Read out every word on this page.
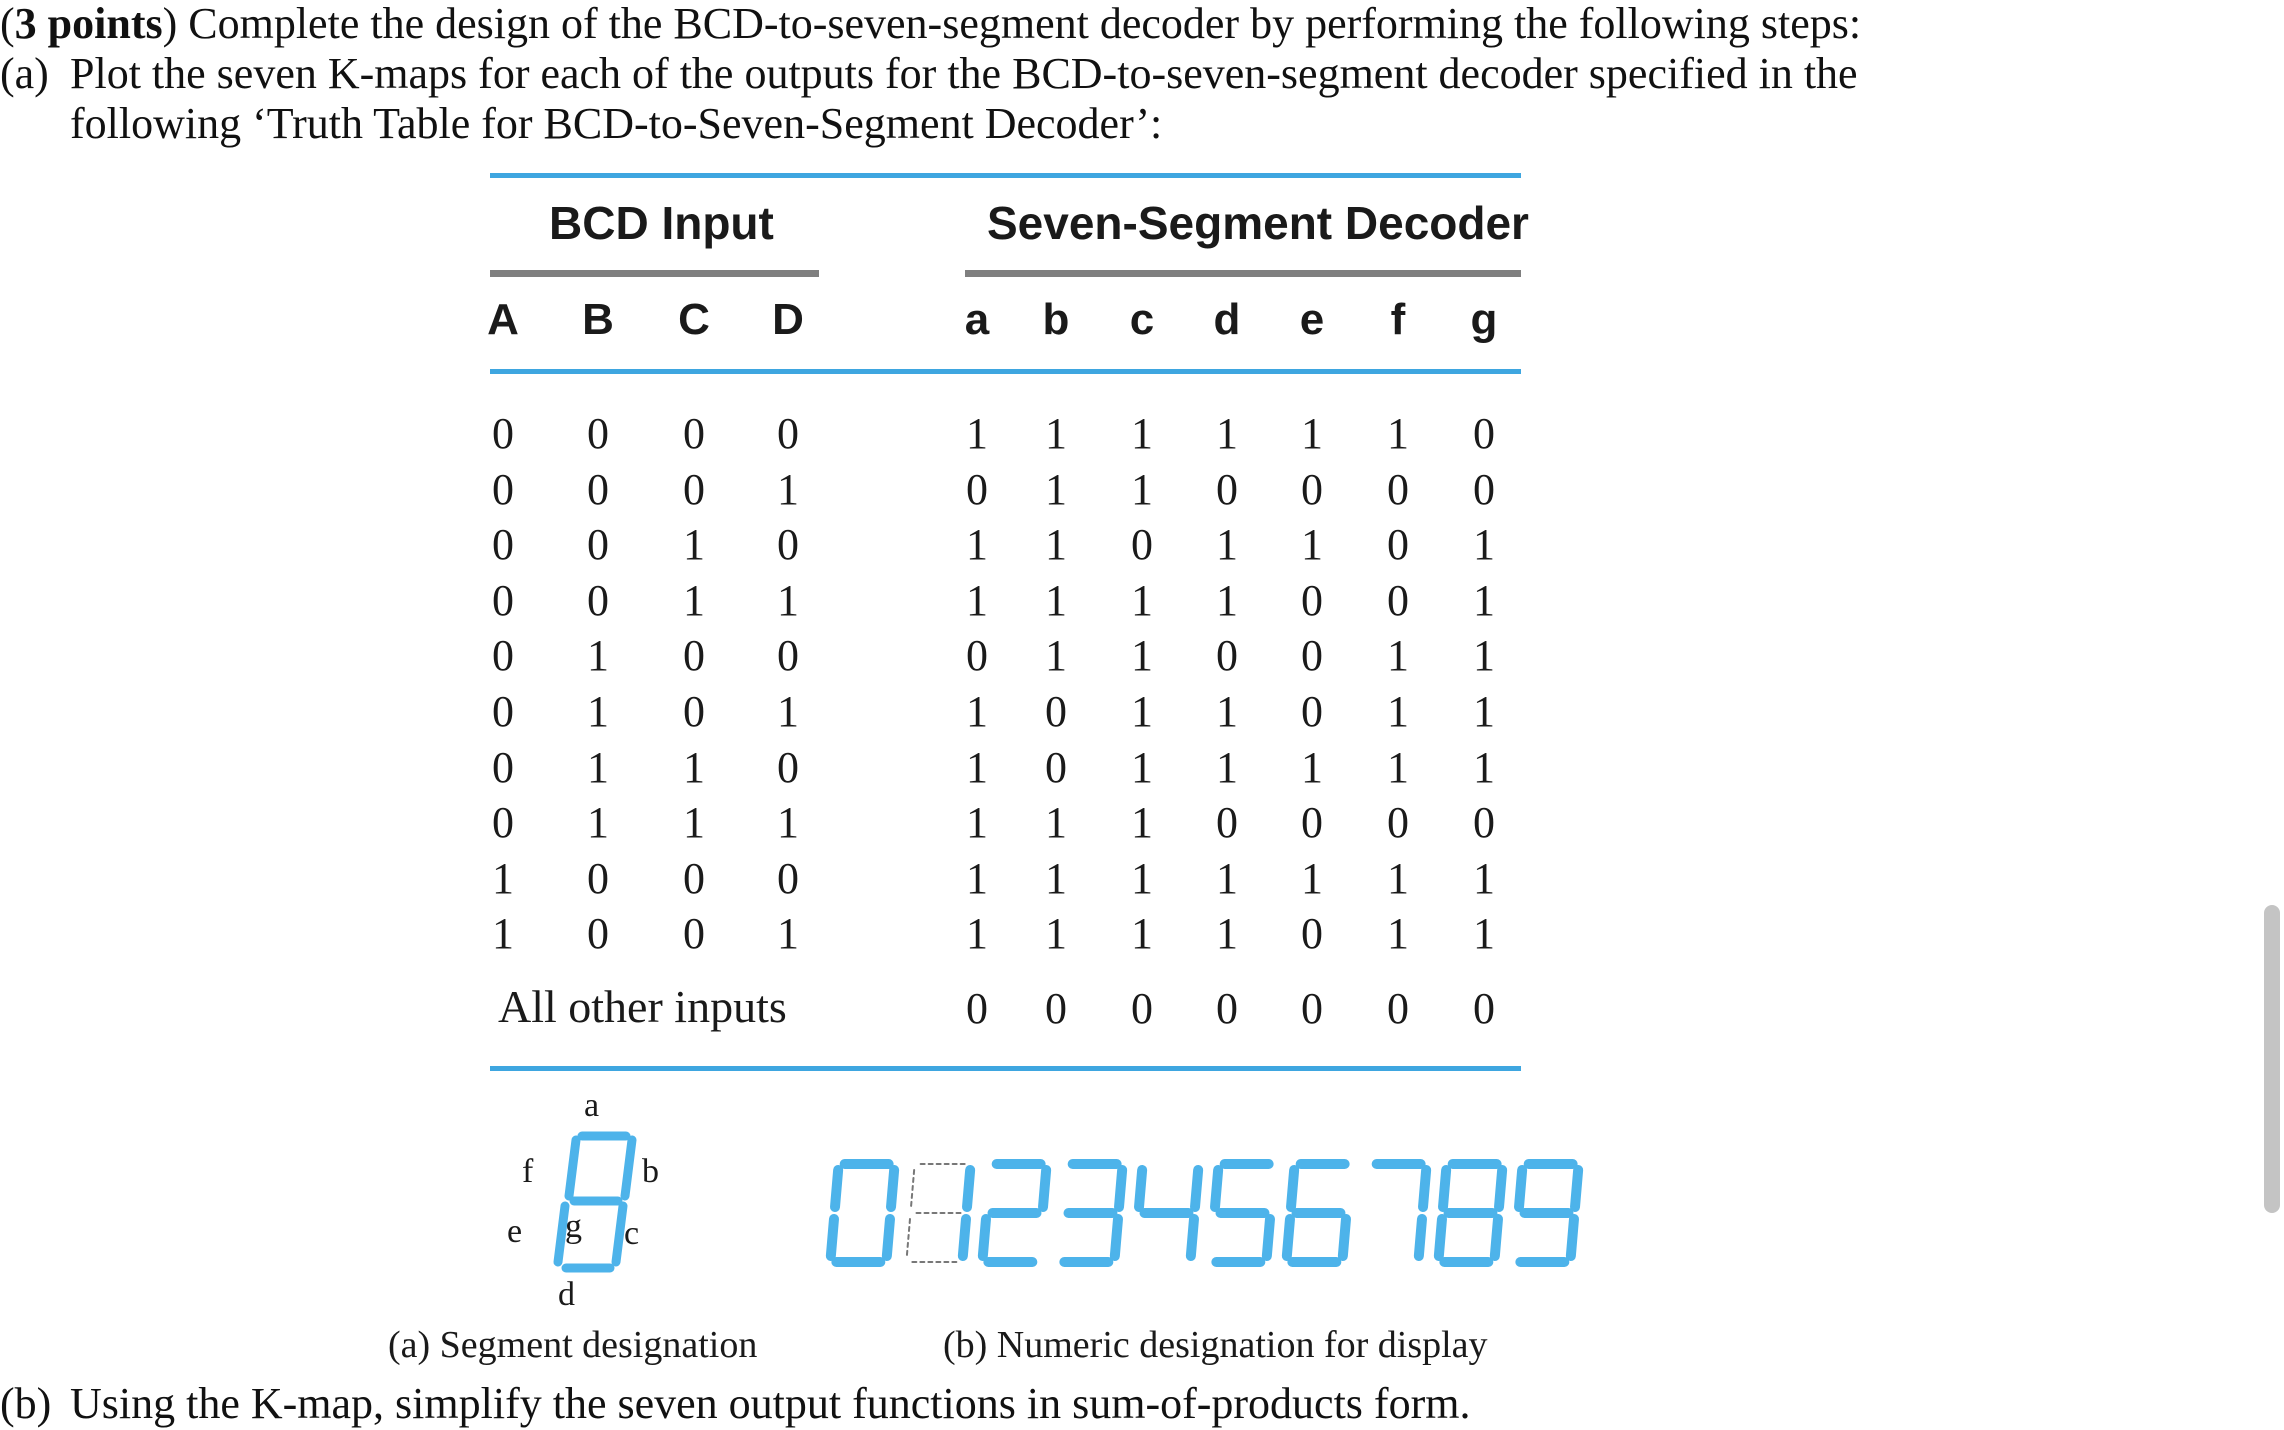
(3 points) Complete the design of the BCD-to-seven-segment decoder by performing the following steps:
(a) Plot the seven K-maps for each of the outputs for the BCD-to-seven-segment decoder specified in the
following ‘Truth Table for BCD-to-Seven-Segment Decoder’:
BCD Input	Seven-Segment Decoder
A	B	C	D	a	b	c	d	e	f	g
0	0	0	0	1	1	1	1	1	1	0
0	0	0	1	0	1	1	0	0	0	0
0	0	1	0	1	1	0	1	1	0	1
0	0	1	1	1	1	1	1	0	0	1
0	1	0	0	0	1	1	0	0	1	1
0	1	0	1	1	0	1	1	0	1	1
0	1	1	0	1	0	1	1	1	1	1
0	1	1	1	1	1	1	0	0	0	0
1	0	0	0	1	1	1	1	1	1	1
1	0	0	1	1	1	1	1	0	1	1
All other inputs	0	0	0	0	0	0	0
a
b
c
d
e
f
g
(a) Segment designation	(b) Numeric designation for display
(b) Using the K-map, simplify the seven output functions in sum-of-products form.
